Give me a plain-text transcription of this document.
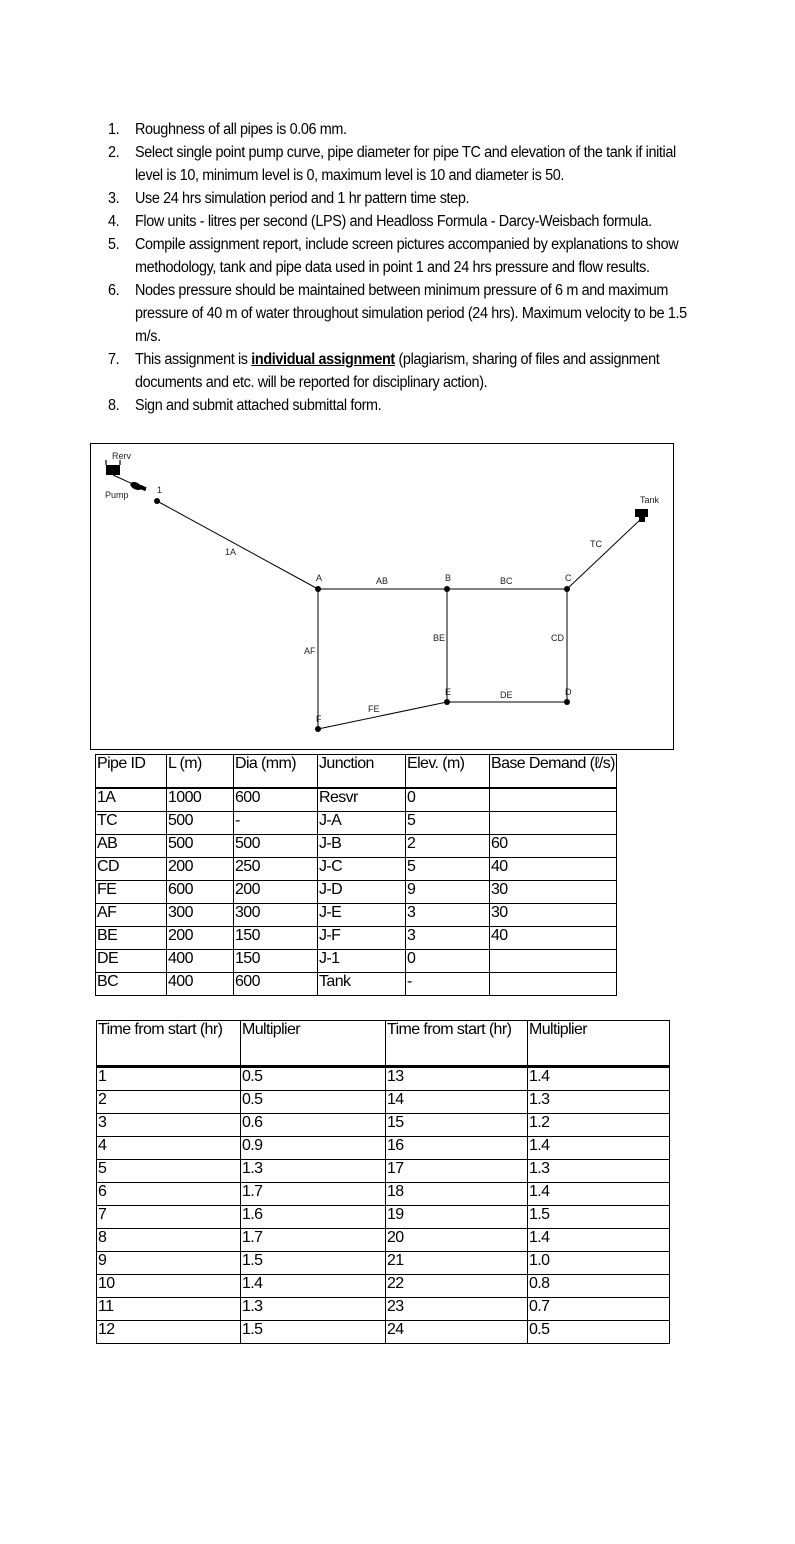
1.	Roughness of all pipes is 0.06 mm.
2.	Select single point pump curve, pipe diameter for pipe TC and elevation of the tank if initial level is 10, minimum level is 0, maximum level is 10 and diameter is 50.
3.	Use 24 hrs simulation period and 1 hr pattern time step.
4.	Flow units - litres per second (LPS) and Headloss Formula - Darcy-Weisbach formula.
5.	Compile assignment report, include screen pictures accompanied by explanations to show methodology, tank and pipe data used in point 1 and 24 hrs pressure and flow results.
6.	Nodes pressure should be maintained between minimum pressure of 6 m and maximum pressure of 40 m of water throughout simulation period (24 hrs). Maximum velocity to be 1.5 m/s.
7.	This assignment is individual assignment (plagiarism, sharing of files and assignment documents and etc. will be reported for disciplinary action).
8.	Sign and submit attached submittal form.
Rerv
Pump	1
Tank
A	B	C
D
E
F
1A
AB	BC
TC
BE	CD
AF
DE
FE
Pipe ID	L (m)	Dia (mm)	Junction	Elev. (m)	Base Demand (ℓ/s)
1A	1000	600	Resvr	0	
TC	500	-	J-A	5	
AB	500	500	J-B	2	60
CD	200	250	J-C	5	40
FE	600	200	J-D	9	30
AF	300	300	J-E	3	30
BE	200	150	J-F	3	40
DE	400	150	J-1	0	
BC	400	600	Tank	-	
Time from start (hr)	Multiplier	Time from start (hr)	Multiplier
1	0.5	13	1.4
2	0.5	14	1.3
3	0.6	15	1.2
4	0.9	16	1.4
5	1.3	17	1.3
6	1.7	18	1.4
7	1.6	19	1.5
8	1.7	20	1.4
9	1.5	21	1.0
10	1.4	22	0.8
11	1.3	23	0.7
12	1.5	24	0.5
